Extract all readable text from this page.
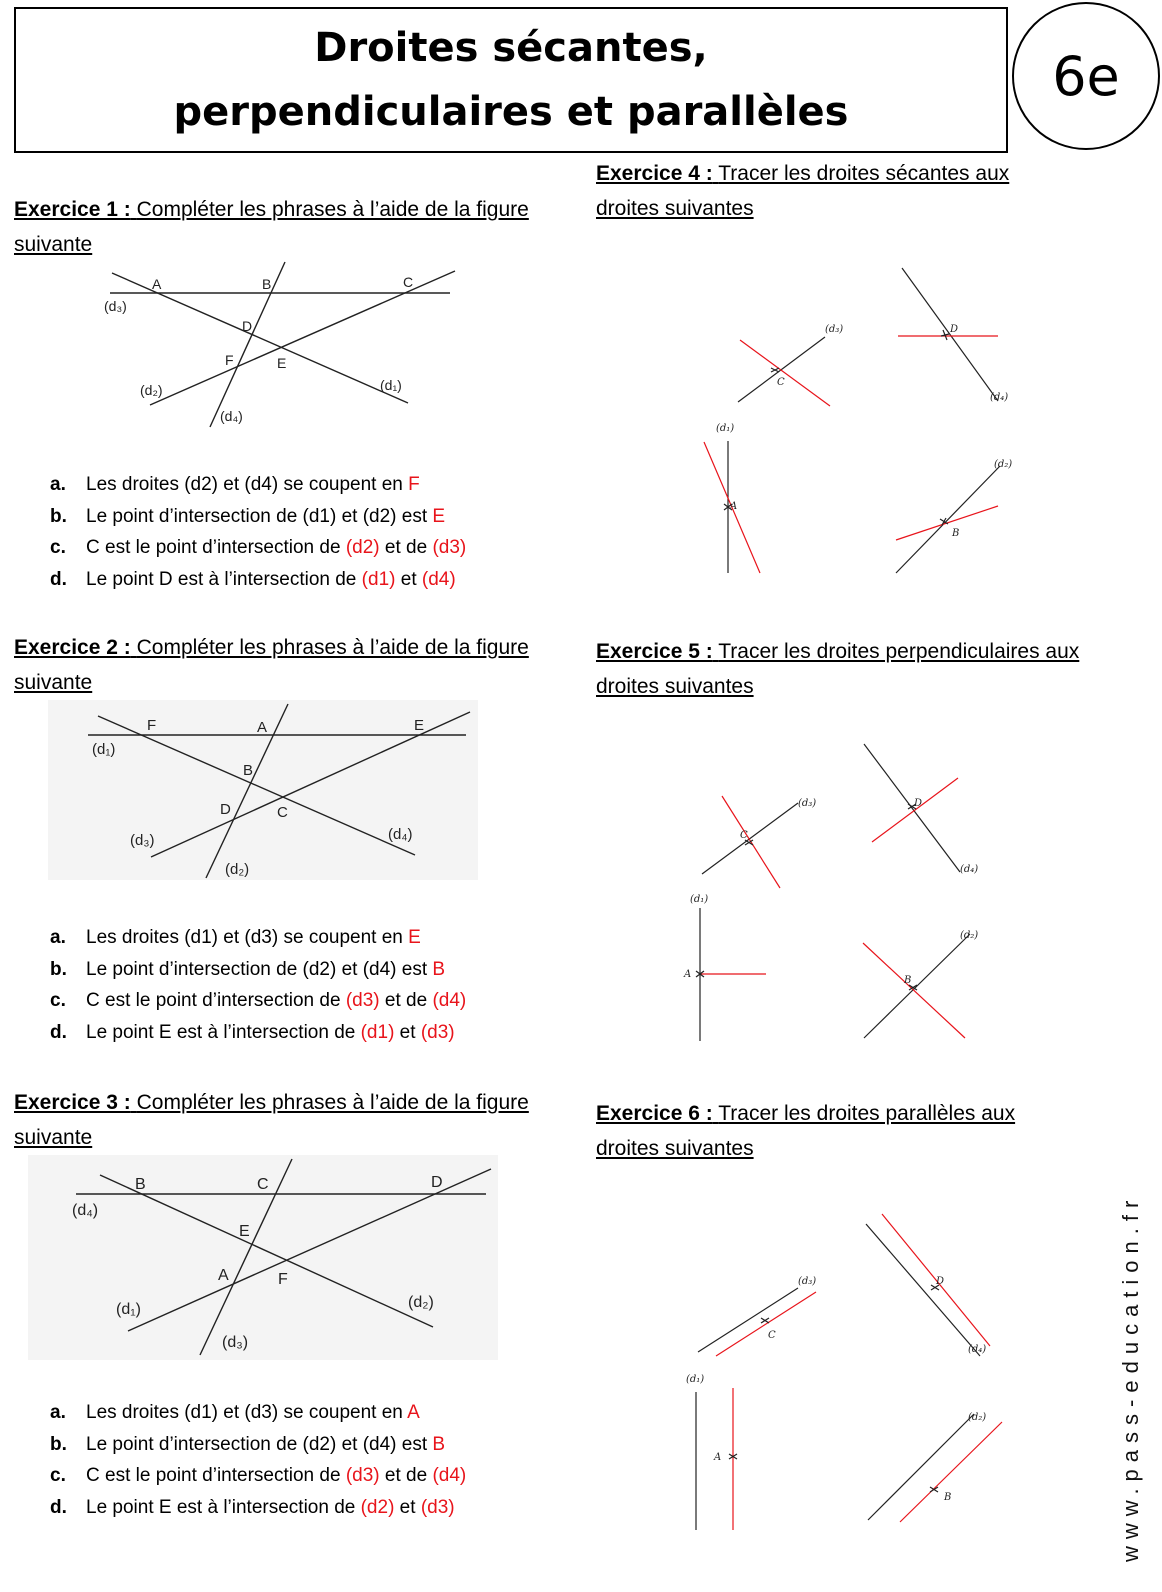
Droites sécantes, perpendiculaires et parallèles
6e
Exercice 1 : Compléter les phrases à l’aide de la figure suivante
A	B	C
D
E
F
(d₁)
(d₂)
(d₃)
(d₄)
a. Les droites (d2) et (d4) se coupent en F
b. Le point d’intersection de (d1) et (d2) est E
c. C est le point d’intersection de (d2) et de (d3)
d. Le point D est à l’intersection de (d1) et (d4)
Exercice 2 : Compléter les phrases à l’aide de la figure suivante
F	A	E
B
D	C
(d₁)
(d₃)	(d₄)
(d₂)
a. Les droites (d1) et (d3) se coupent en E
b. Le point d’intersection de (d2) et (d4) est B
c. C est le point d’intersection de (d3) et de (d4)
d. Le point E est à l’intersection de (d1) et (d3)
Exercice 3 : Compléter les phrases à l’aide de la figure suivante
B	C	D
E
A	F
(d₄)
(d₁)	(d₂)
(d₃)
a. Les droites (d1) et (d3) se coupent en A
b. Le point d’intersection de (d2) et (d4) est B
c. C est le point d’intersection de (d3) et de (d4)
d. Le point E est à l’intersection de (d2) et (d3)
Exercice 4 : Tracer les droites sécantes aux droites suivantes
C
D
A
B
(d₃)
(d₄)
(d₁)
(d₂)
Exercice 5 : Tracer les droites perpendiculaires aux droites suivantes
C
D
A
B
(d₃)
(d₄)
(d₁)
(d₂)
Exercice 6 : Tracer les droites parallèles aux droites suivantes
C
D
A
B
(d₃)
(d₄)
(d₁)
(d₂)	www.pass-education.fr
